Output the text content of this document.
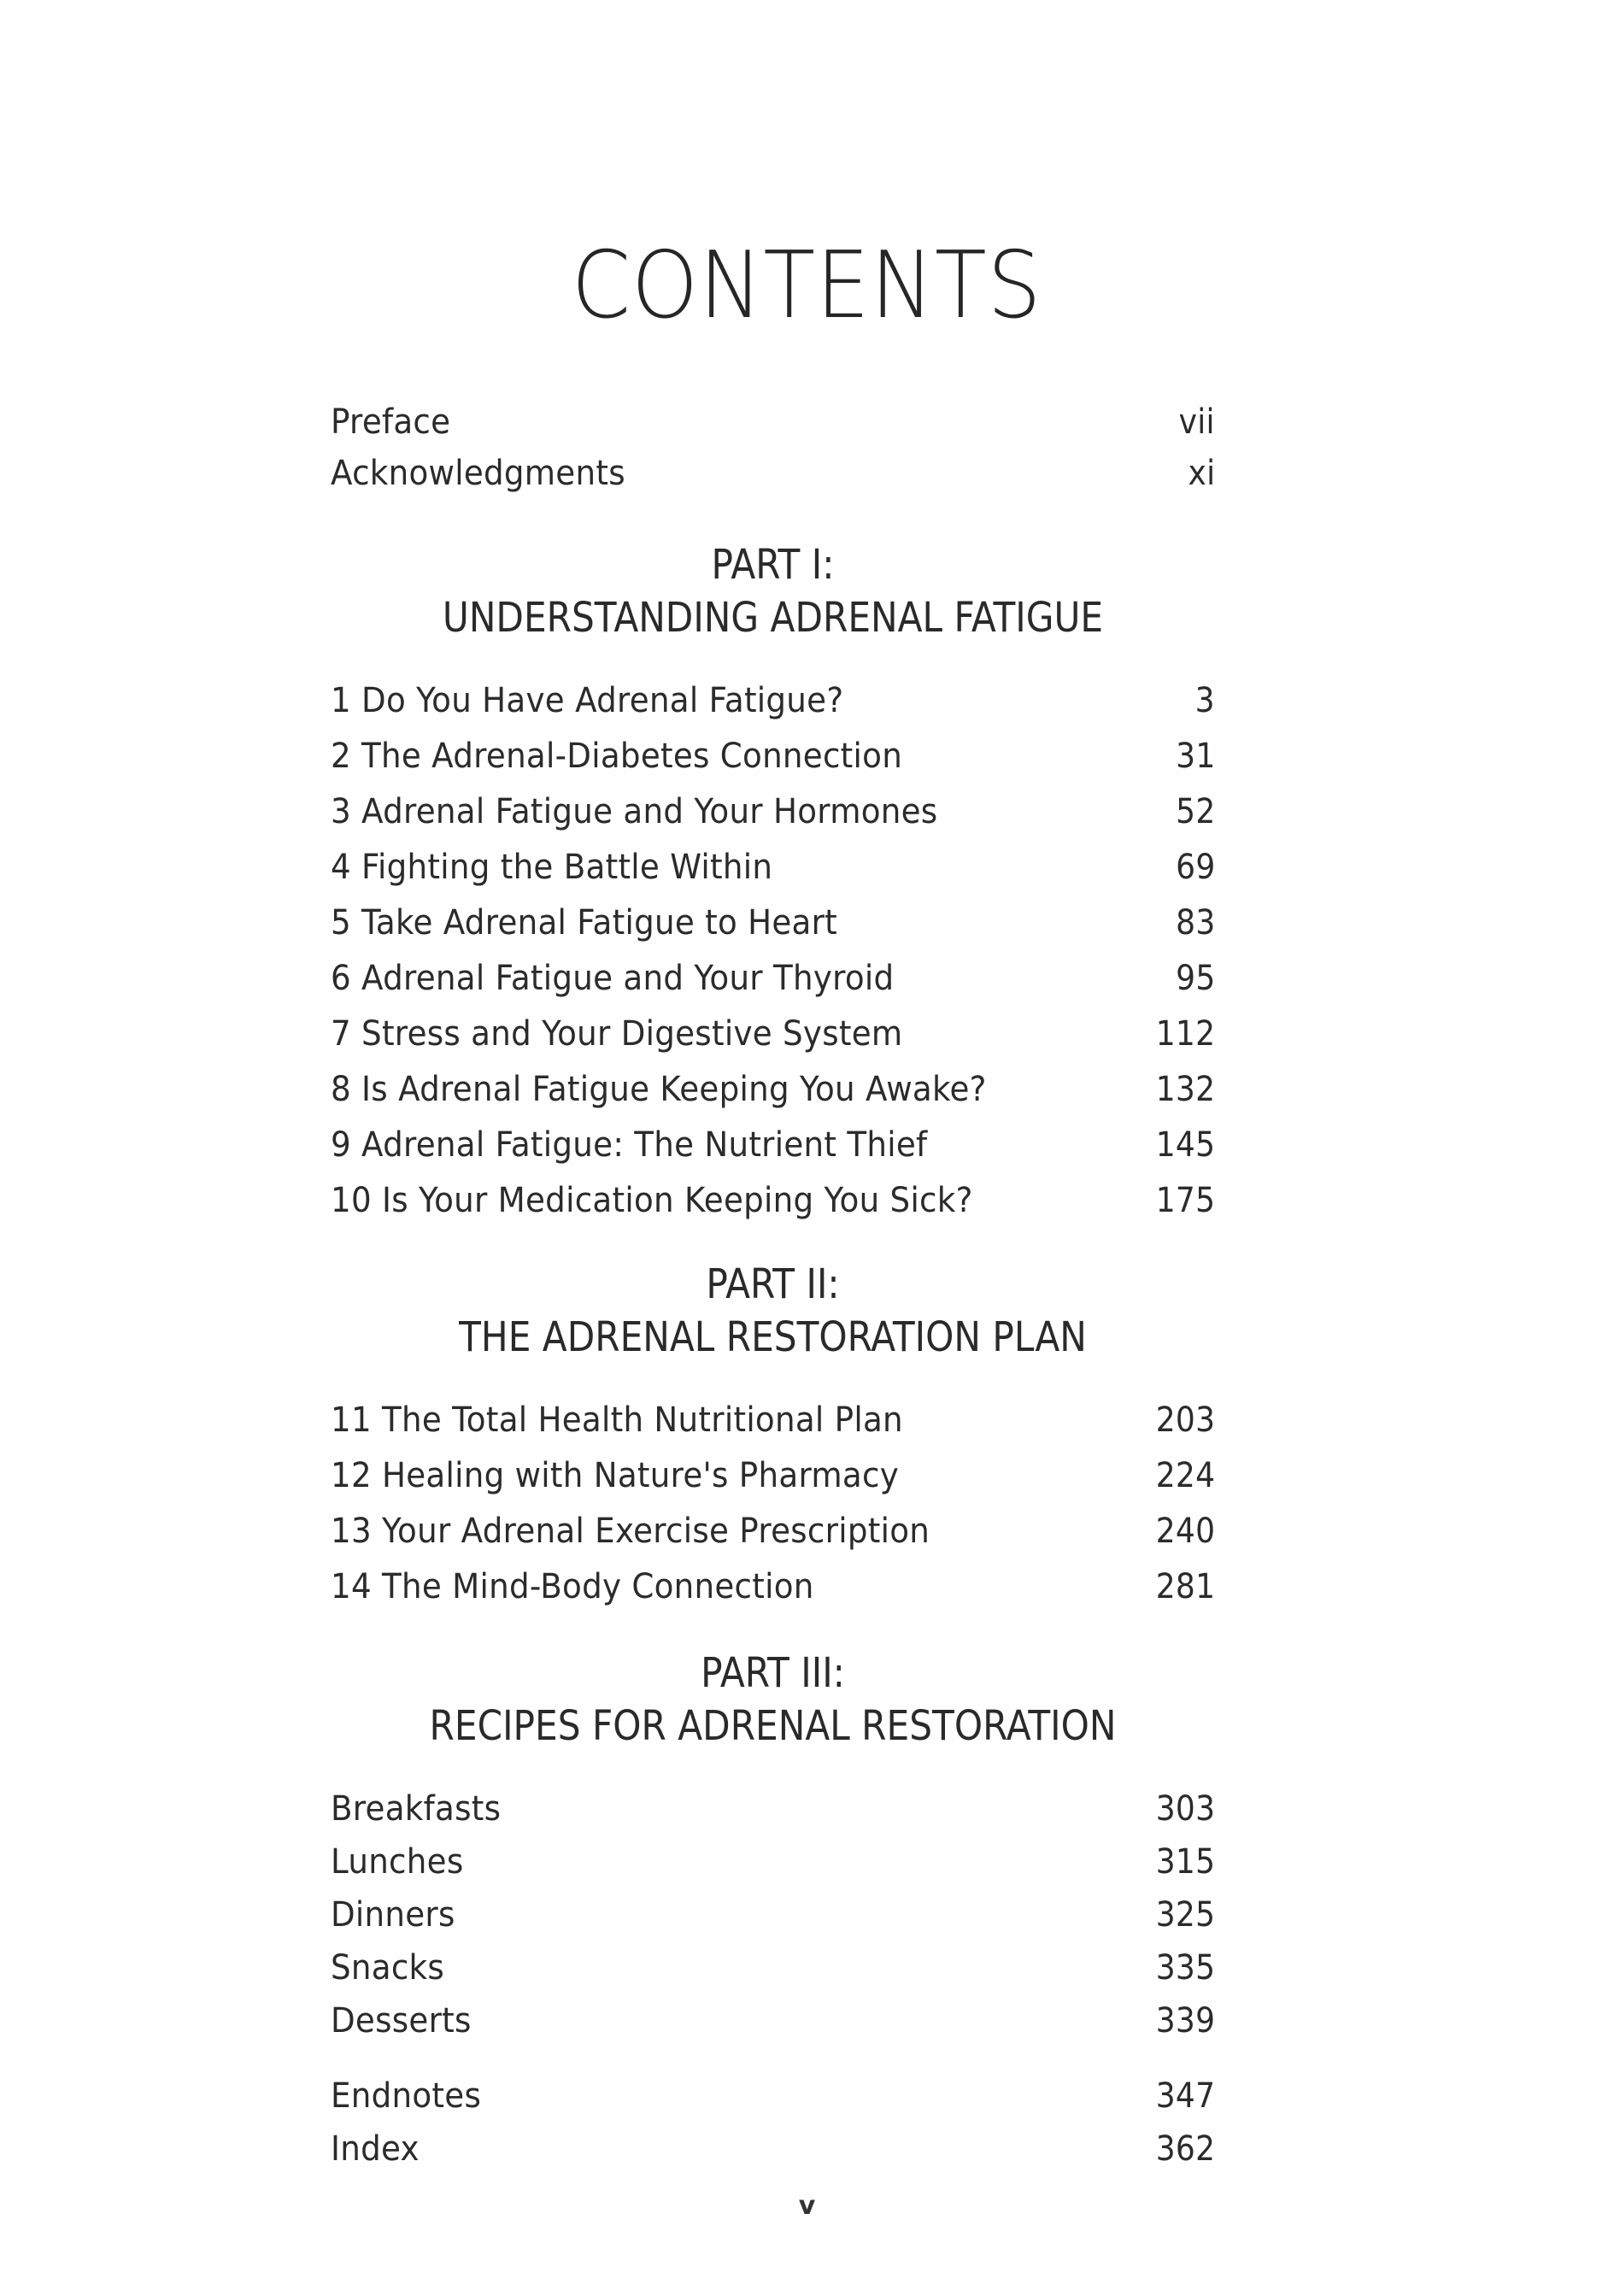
CONTENTS
Preface	vii
Acknowledgments	xi
PART I:
UNDERSTANDING ADRENAL FATIGUE
1 Do You Have Adrenal Fatigue?	3
2 The Adrenal-Diabetes Connection	31
3 Adrenal Fatigue and Your Hormones	52
4 Fighting the Battle Within	69
5 Take Adrenal Fatigue to Heart	83
6 Adrenal Fatigue and Your Thyroid	95
7 Stress and Your Digestive System	112
8 Is Adrenal Fatigue Keeping You Awake?	132
9 Adrenal Fatigue: The Nutrient Thief	145
10 Is Your Medication Keeping You Sick?	175
PART II:
THE ADRENAL RESTORATION PLAN
11 The Total Health Nutritional Plan	203
12 Healing with Nature's Pharmacy	224
13 Your Adrenal Exercise Prescription	240
14 The Mind-Body Connection	281
PART III:
RECIPES FOR ADRENAL RESTORATION
Breakfasts	303
Lunches	315
Dinners	325
Snacks	335
Desserts	339
Endnotes	347
Index	362
v
